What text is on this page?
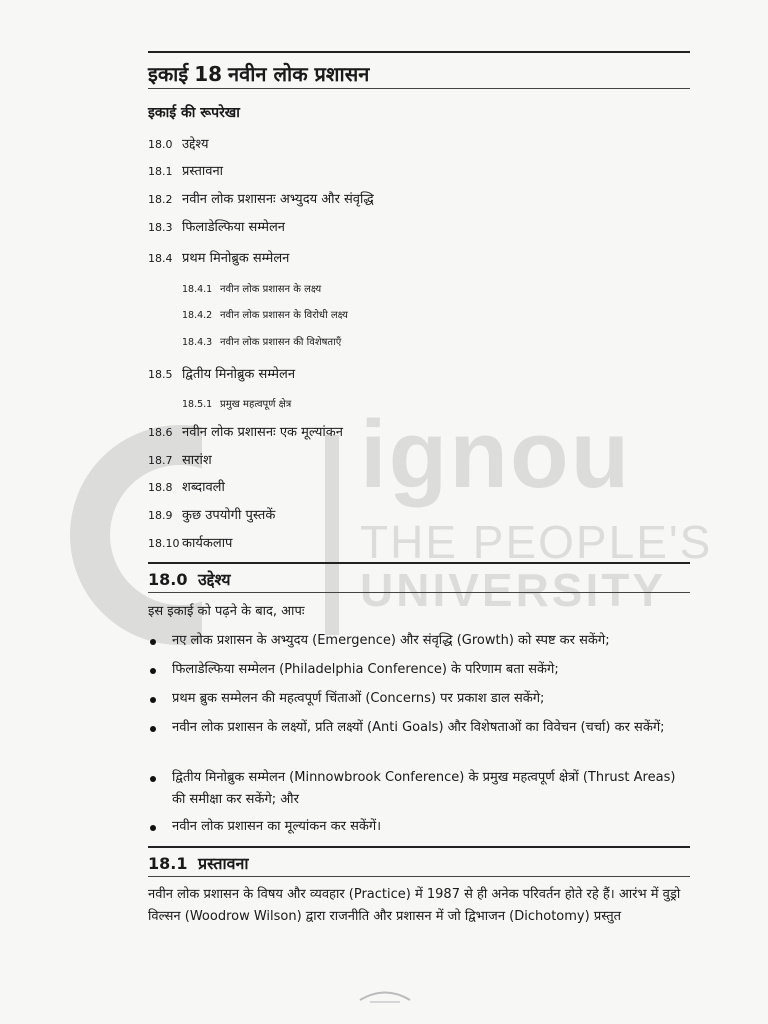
ignou
THE PEOPLE'S
UNIVERSITY
इकाई 18 नवीन लोक प्रशासन
इकाई की रूपरेखा
18.0 उद्देश्य
18.1 प्रस्तावना
18.2 नवीन लोक प्रशासनः अभ्युदय और संवृद्धि
18.3 फिलाडेल्फिया सम्मेलन
18.4 प्रथम मिनोब्रुक सम्मेलन
18.4.1 नवीन लोक प्रशासन के लक्ष्य
18.4.2 नवीन लोक प्रशासन के विरोधी लक्ष्य
18.4.3 नवीन लोक प्रशासन की विशेषताएँ
18.5 द्वितीय मिनोब्रुक सम्मेलन
18.5.1 प्रमुख महत्वपूर्ण क्षेत्र
18.6 नवीन लोक प्रशासनः एक मूल्यांकन
18.7 सारांश
18.8 शब्दावली
18.9 कुछ उपयोगी पुस्तकें
18.10 कार्यकलाप
18.0 उद्देश्य
इस इकाई को पढ़ने के बाद, आपः
नए लोक प्रशासन के अभ्युदय (Emergence) और संवृद्धि (Growth) को स्पष्ट कर सकेंगे;
फिलाडेल्फिया सम्मेलन (Philadelphia Conference) के परिणाम बता सकेंगे;
प्रथम ब्रुक सम्मेलन की महत्वपूर्ण चिंताओं (Concerns) पर प्रकाश डाल सकेंगे;
नवीन लोक प्रशासन के लक्ष्यों, प्रति लक्ष्यों (Anti Goals) और विशेषताओं का विवेचन (चर्चा) कर सकेंगें;
द्वितीय मिनोब्रुक सम्मेलन (Minnowbrook Conference) के प्रमुख महत्वपूर्ण क्षेत्रों (Thrust Areas) की समीक्षा कर सकेंगे; और
नवीन लोक प्रशासन का मूल्यांकन कर सकेंगें।
18.1 प्रस्तावना
नवीन लोक प्रशासन के विषय और व्यवहार (Practice) में 1987 से ही अनेक परिवर्तन होते रहे हैं। आरंभ में वुड्रो विल्सन (Woodrow Wilson) द्वारा राजनीति और प्रशासन में जो द्विभाजन (Dichotomy) प्रस्तुत
